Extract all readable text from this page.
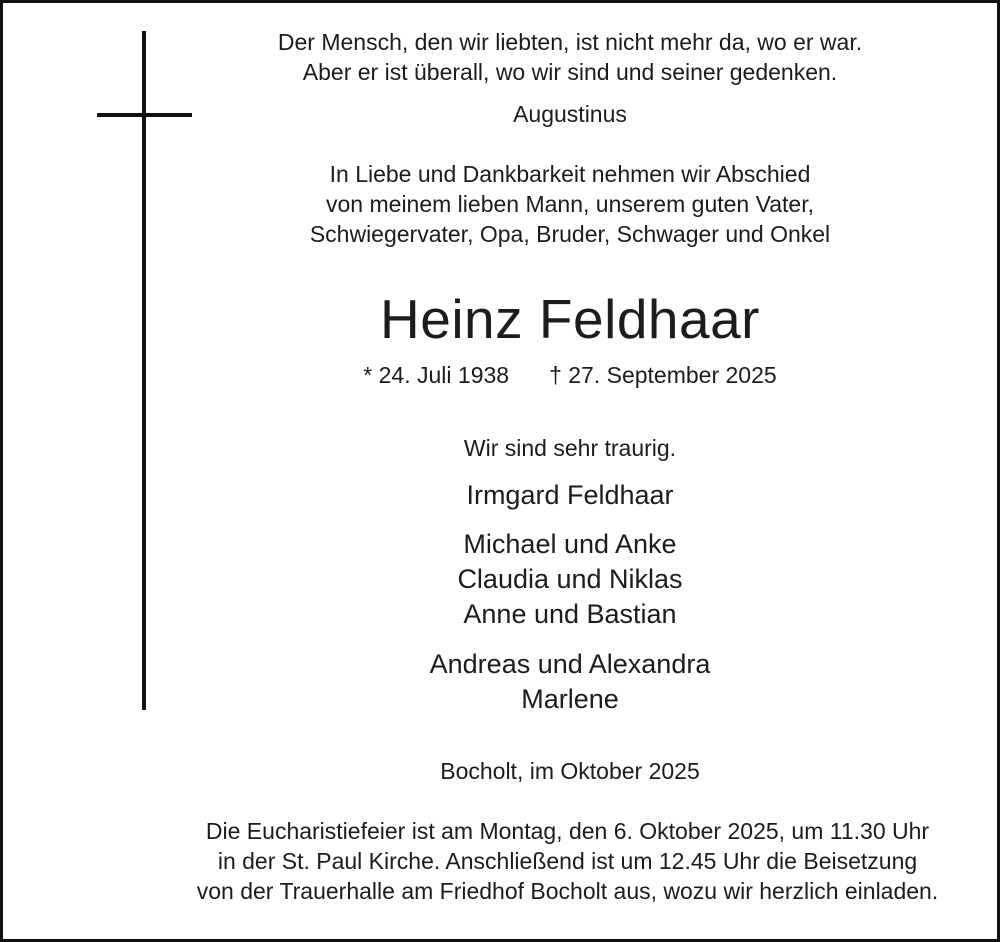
Der Mensch, den wir liebten, ist nicht mehr da, wo er war.
Aber er ist überall, wo wir sind und seiner gedenken.
Augustinus
In Liebe und Dankbarkeit nehmen wir Abschied
von meinem lieben Mann, unserem guten Vater,
Schwiegervater, Opa, Bruder, Schwager und Onkel
Heinz Feldhaar
* 24. Juli 1938 † 27. September 2025
Wir sind sehr traurig.
Irmgard Feldhaar
Michael und Anke
Claudia und Niklas
Anne und Bastian
Andreas und Alexandra
Marlene
Bocholt, im Oktober 2025
Die Eucharistiefeier ist am Montag, den 6. Oktober 2025, um 11.30 Uhr
in der St. Paul Kirche. Anschließend ist um 12.45 Uhr die Beisetzung
von der Trauerhalle am Friedhof Bocholt aus, wozu wir herzlich einladen.
